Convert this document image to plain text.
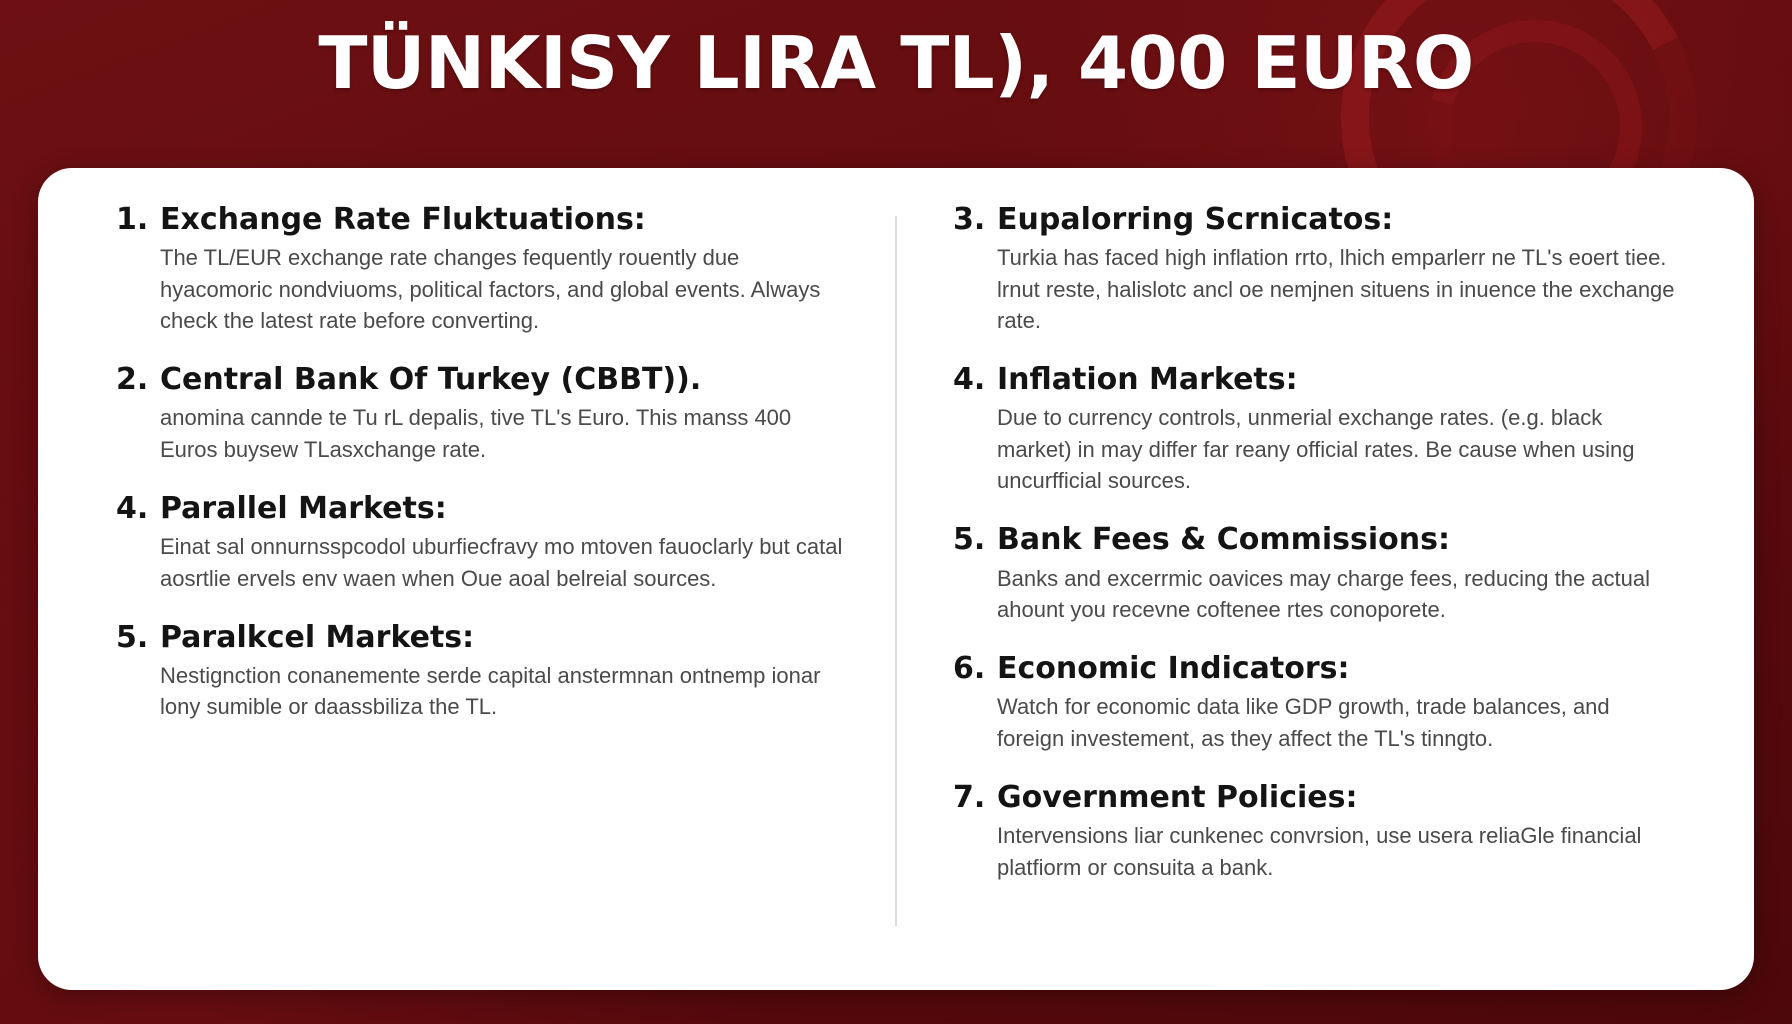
TÜNKISY LIRA TL), 400 EURO
1. Exchange Rate Fluktuations:
The TL/EUR exchange rate changes fequently rouently due hyacomoric nondviuoms, political factors, and global events. Always check the latest rate before converting.
2. Central Bank Of Turkey (CBBT)).
anomina cannde te Tu rL depalis, tive TL's Euro. This manss 400 Euros buysew TLasxchange rate.
4. Parallel Markets:
Einat sal onnurnsspcodol uburfiecfravy mo mtoven fauoclarly but catal aosrtlie ervels env waen when Oue aoal belreial sources.
5. Paralkcel Markets:
Nestignction conanemente serde capital anstermnan ontnemp ionar lony sumible or daassbiliza the TL.
3. Eupalorring Scrnicatos:
Turkia has faced high inflation rrto, lhich emparlerr ne TL's eoert tiee. lrnut reste, halislotc ancl oe nemjnen situens in inuence the exchange rate.
4. Inflation Markets:
Due to currency controls, unmerial exchange rates. (e.g. black market) in may differ far reany official rates. Be cause when using uncurfficial sources.
5. Bank Fees & Commissions:
Banks and excerrmic oavices may charge fees, reducing the actual ahount you recevne coftenee rtes conoporete.
6. Economic Indicators:
Watch for economic data like GDP growth, trade balances, and foreign investement, as they affect the TL's tinngto.
7. Government Policies:
Intervensions liar cunkenec convrsion, use usera reliaGle financial platfiorm or consuita a bank.
